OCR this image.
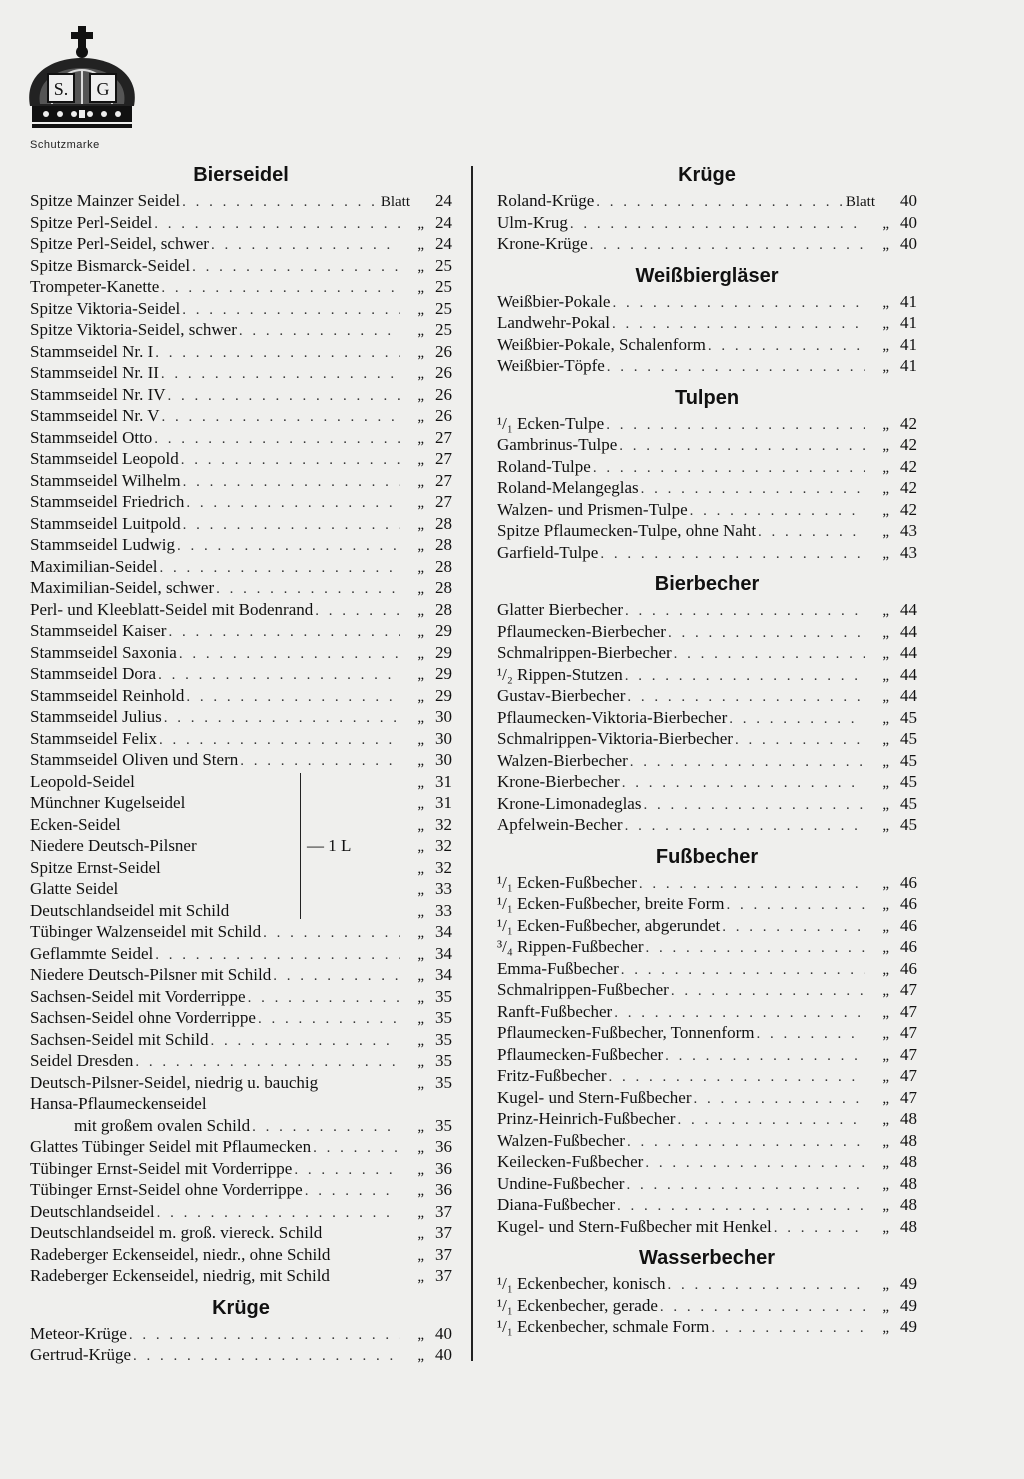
S. G
Schutzmarke
Bierseidel
Spitze Mainzer Seidel . . .	Blatt	24
Spitze Perl-Seidel . . .	„ 24
Spitze Perl-Seidel, schwer . . .	„ 24
Spitze Bismarck-Seidel . . .	„ 25
Trompeter-Kanette . . .	„ 25
Spitze Viktoria-Seidel . . .	„ 25
Spitze Viktoria-Seidel, schwer . . .	„ 25
Stammseidel Nr. I . . .	„ 26
Stammseidel Nr. II . . .	„ 26
Stammseidel Nr. IV . . .	„ 26
Stammseidel Nr. V . . .	„ 26
Stammseidel Otto . . .	„ 27
Stammseidel Leopold . . .	„ 27
Stammseidel Wilhelm . . .	„ 27
Stammseidel Friedrich . . .	„ 27
Stammseidel Luitpold . . .	„ 28
Stammseidel Ludwig . . .	„ 28
Maximilian-Seidel . . .	„ 28
Maximilian-Seidel, schwer . . .	„ 28
Perl- und Kleeblatt-Seidel mit Bodenrand . . .	„ 28
Stammseidel Kaiser . . .	„ 29
Stammseidel Saxonia . . .	„ 29
Stammseidel Dora . . .	„ 29
Stammseidel Reinhold . . .	„ 29
Stammseidel Julius . . .	„ 30
Stammseidel Felix . . .	„ 30
Stammseidel Oliven und Stern . . .	„ 30
Leopold-Seidel	„ 31
Münchner Kugelseidel	„ 31
Ecken-Seidel	„ 32
Niedere Deutsch-Pilsner	„ 32
Spitze Ernst-Seidel	„ 32
Glatte Seidel	„ 33
Deutschlandseidel mit Schild	„ 33
— 1 L
Tübinger Walzenseidel mit Schild . . .	„ 34
Geflammte Seidel . . .	„ 34
Niedere Deutsch-Pilsner mit Schild . . .	„ 34
Sachsen-Seidel mit Vorderrippe . . .	„ 35
Sachsen-Seidel ohne Vorderrippe . . .	„ 35
Sachsen-Seidel mit Schild . . .	„ 35
Seidel Dresden . . .	„ 35
Deutsch-Pilsner-Seidel, niedrig u. bauchig	„ 35
Hansa-Pflaumeckenseidel
mit großem ovalen Schild . . .	„ 35
Glattes Tübinger Seidel mit Pflaumecken . . .	„ 36
Tübinger Ernst-Seidel mit Vorderrippe . . .	„ 36
Tübinger Ernst-Seidel ohne Vorderrippe . . .	„ 36
Deutschlandseidel . . .	„ 37
Deutschlandseidel m. groß. viereck. Schild	„ 37
Radeberger Eckenseidel, niedr., ohne Schild	„ 37
Radeberger Eckenseidel, niedrig, mit Schild	„ 37
Krüge
Meteor-Krüge . . .	„ 40
Gertrud-Krüge . . .	„ 40
Krüge
Roland-Krüge . . .	Blatt	40
Ulm-Krug . . .	„ 40
Krone-Krüge . . .	„ 40
Weißbiergläser
Weißbier-Pokale . . .	„ 41
Landwehr-Pokal . . .	„ 41
Weißbier-Pokale, Schalenform . . .	„ 41
Weißbier-Töpfe . . .	„ 41
Tulpen
¹/₁ Ecken-Tulpe . . .	„ 42
Gambrinus-Tulpe . . .	„ 42
Roland-Tulpe . . .	„ 42
Roland-Melangeglas . . .	„ 42
Walzen- und Prismen-Tulpe . . .	„ 42
Spitze Pflaumecken-Tulpe, ohne Naht . . .	„ 43
Garfield-Tulpe . . .	„ 43
Bierbecher
Glatter Bierbecher . . .	„ 44
Pflaumecken-Bierbecher . . .	„ 44
Schmalrippen-Bierbecher . . .	„ 44
¹/₂ Rippen-Stutzen . . .	„ 44
Gustav-Bierbecher . . .	„ 44
Pflaumecken-Viktoria-Bierbecher . . .	„ 45
Schmalrippen-Viktoria-Bierbecher . . .	„ 45
Walzen-Bierbecher . . .	„ 45
Krone-Bierbecher . . .	„ 45
Krone-Limonadeglas . . .	„ 45
Apfelwein-Becher . . .	„ 45
Fußbecher
¹/₁ Ecken-Fußbecher . . .	„ 46
¹/₁ Ecken-Fußbecher, breite Form . . .	„ 46
¹/₁ Ecken-Fußbecher, abgerundet . . .	„ 46
³/₄ Rippen-Fußbecher . . .	„ 46
Emma-Fußbecher . . .	„ 46
Schmalrippen-Fußbecher . . .	„ 47
Ranft-Fußbecher . . .	„ 47
Pflaumecken-Fußbecher, Tonnenform . . .	„ 47
Pflaumecken-Fußbecher . . .	„ 47
Fritz-Fußbecher . . .	„ 47
Kugel- und Stern-Fußbecher . . .	„ 47
Prinz-Heinrich-Fußbecher . . .	„ 48
Walzen-Fußbecher . . .	„ 48
Keilecken-Fußbecher . . .	„ 48
Undine-Fußbecher . . .	„ 48
Diana-Fußbecher . . .	„ 48
Kugel- und Stern-Fußbecher mit Henkel . . .	„ 48
Wasserbecher
¹/₁ Eckenbecher, konisch . . .	„ 49
¹/₁ Eckenbecher, gerade . . .	„ 49
¹/₁ Eckenbecher, schmale Form . . .	„ 49
